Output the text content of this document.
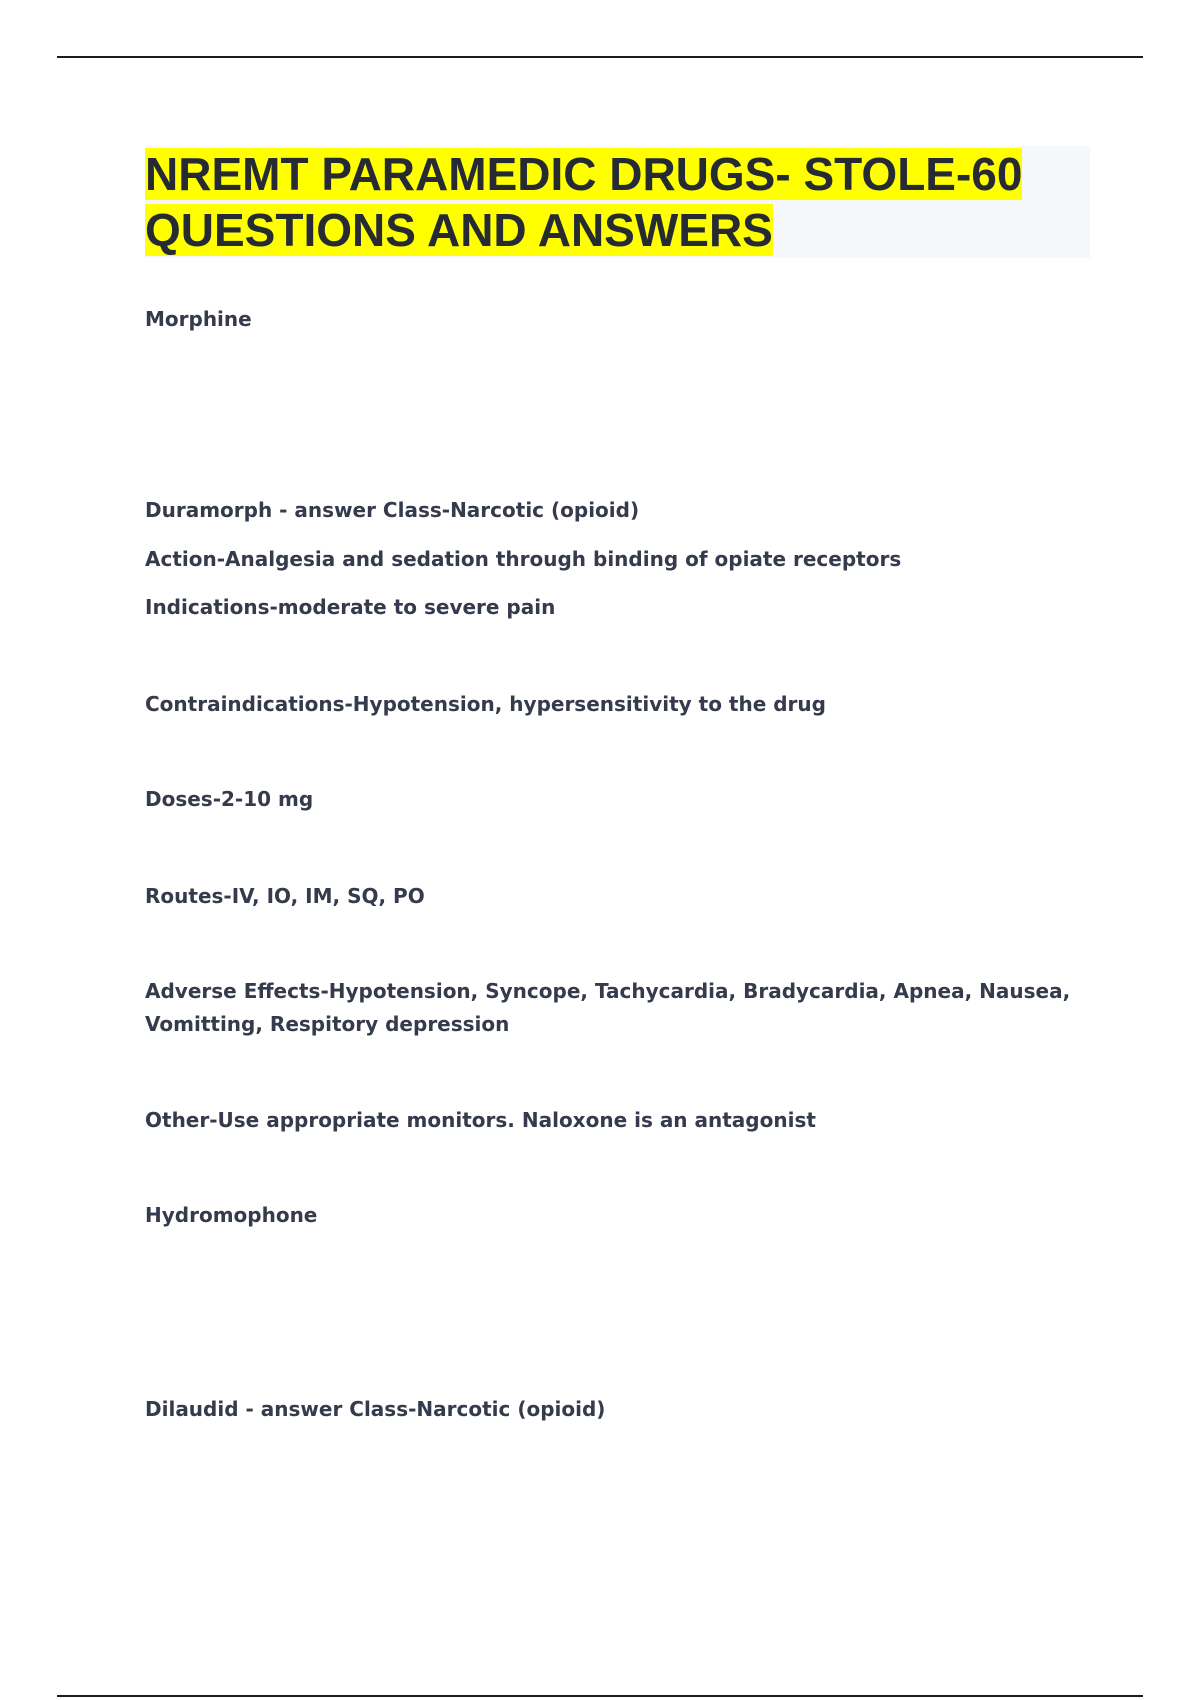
NREMT PARAMEDIC DRUGS- STOLE-60
QUESTIONS AND ANSWERS

Morphine

Duramorph - answer Class-Narcotic (opioid)

Action-Analgesia and sedation through binding of opiate receptors

Indications-moderate to severe pain

Contraindications-Hypotension, hypersensitivity to the drug

Doses-2-10 mg

Routes-IV, IO, IM, SQ, PO

Adverse Effects-Hypotension, Syncope, Tachycardia, Bradycardia, Apnea, Nausea, Vomitting, Respitory depression

Other-Use appropriate monitors. Naloxone is an antagonist

Hydromophone

Dilaudid - answer Class-Narcotic (opioid)
